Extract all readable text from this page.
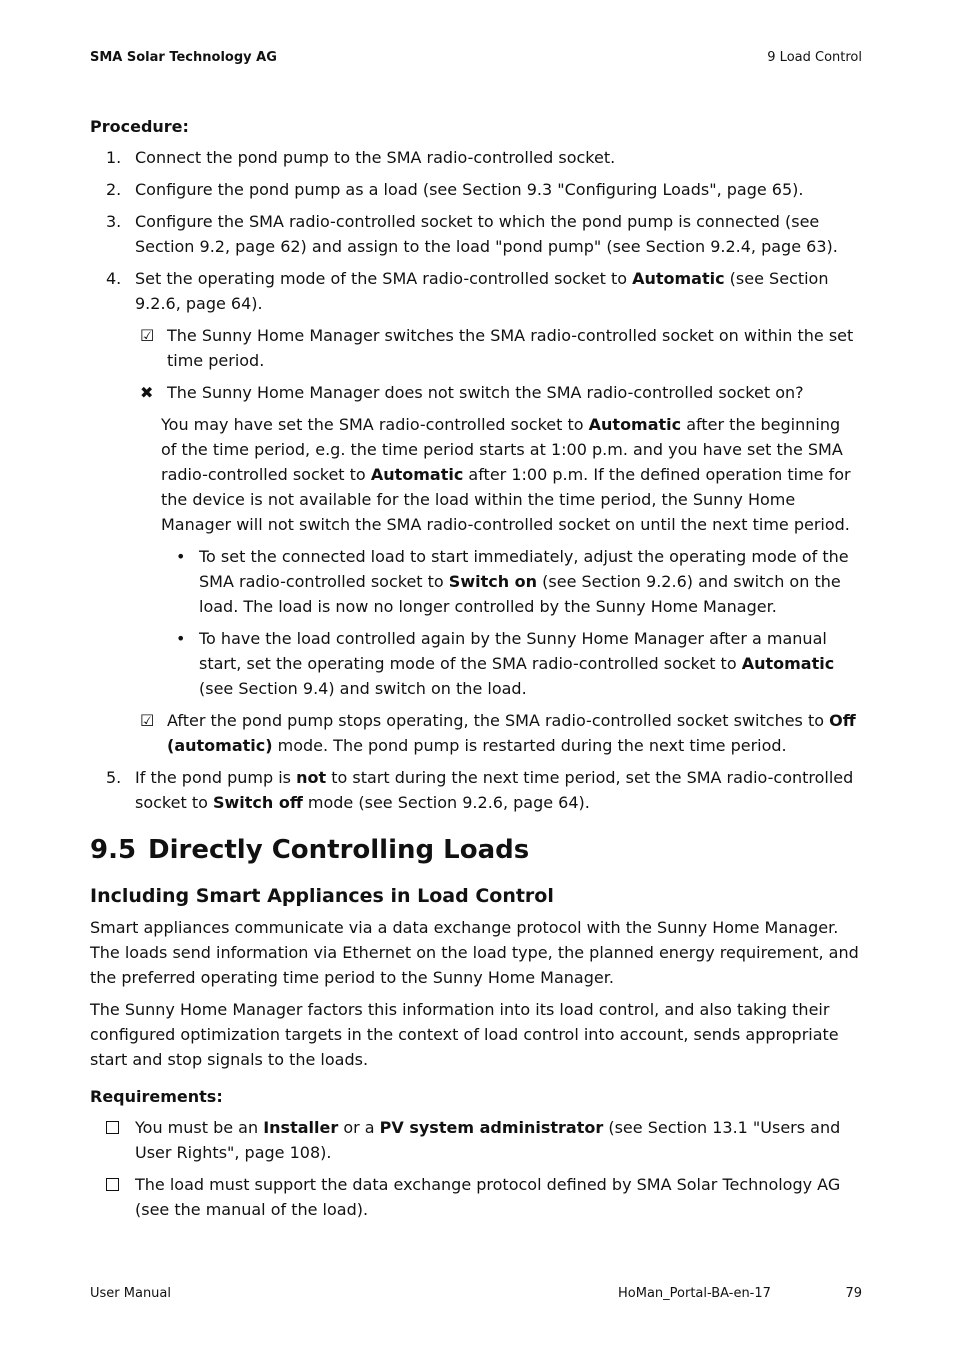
SMA Solar Technology AG	9 Load Control

Procedure:

1. Connect the pond pump to the SMA radio-controlled socket.
2. Configure the pond pump as a load (see Section 9.3 "Configuring Loads", page 65).
3. Configure the SMA radio-controlled socket to which the pond pump is connected (see Section 9.2, page 62) and assign to the load "pond pump" (see Section 9.2.4, page 63).
4. Set the operating mode of the SMA radio-controlled socket to Automatic (see Section 9.2.6, page 64).
☑ The Sunny Home Manager switches the SMA radio-controlled socket on within the set time period.
✖ The Sunny Home Manager does not switch the SMA radio-controlled socket on?
You may have set the SMA radio-controlled socket to Automatic after the beginning of the time period, e.g. the time period starts at 1:00 p.m. and you have set the SMA radio-controlled socket to Automatic after 1:00 p.m. If the defined operation time for the device is not available for the load within the time period, the Sunny Home Manager will not switch the SMA radio-controlled socket on until the next time period.
• To set the connected load to start immediately, adjust the operating mode of the SMA radio-controlled socket to Switch on (see Section 9.2.6) and switch on the load. The load is now no longer controlled by the Sunny Home Manager.
• To have the load controlled again by the Sunny Home Manager after a manual start, set the operating mode of the SMA radio-controlled socket to Automatic (see Section 9.4) and switch on the load.
☑ After the pond pump stops operating, the SMA radio-controlled socket switches to Off (automatic) mode. The pond pump is restarted during the next time period.
5. If the pond pump is not to start during the next time period, set the SMA radio-controlled socket to Switch off mode (see Section 9.2.6, page 64).
9.5 Directly Controlling Loads
Including Smart Appliances in Load Control

Smart appliances communicate via a data exchange protocol with the Sunny Home Manager. The loads send information via Ethernet on the load type, the planned energy requirement, and the preferred operating time period to the Sunny Home Manager.

The Sunny Home Manager factors this information into its load control, and also taking their configured optimization targets in the context of load control into account, sends appropriate start and stop signals to the loads.

Requirements:

You must be an Installer or a PV system administrator (see Section 13.1 "Users and User Rights", page 108).
The load must support the data exchange protocol defined by SMA Solar Technology AG (see the manual of the load).
User Manual	HoMan_Portal-BA-en-17	79
